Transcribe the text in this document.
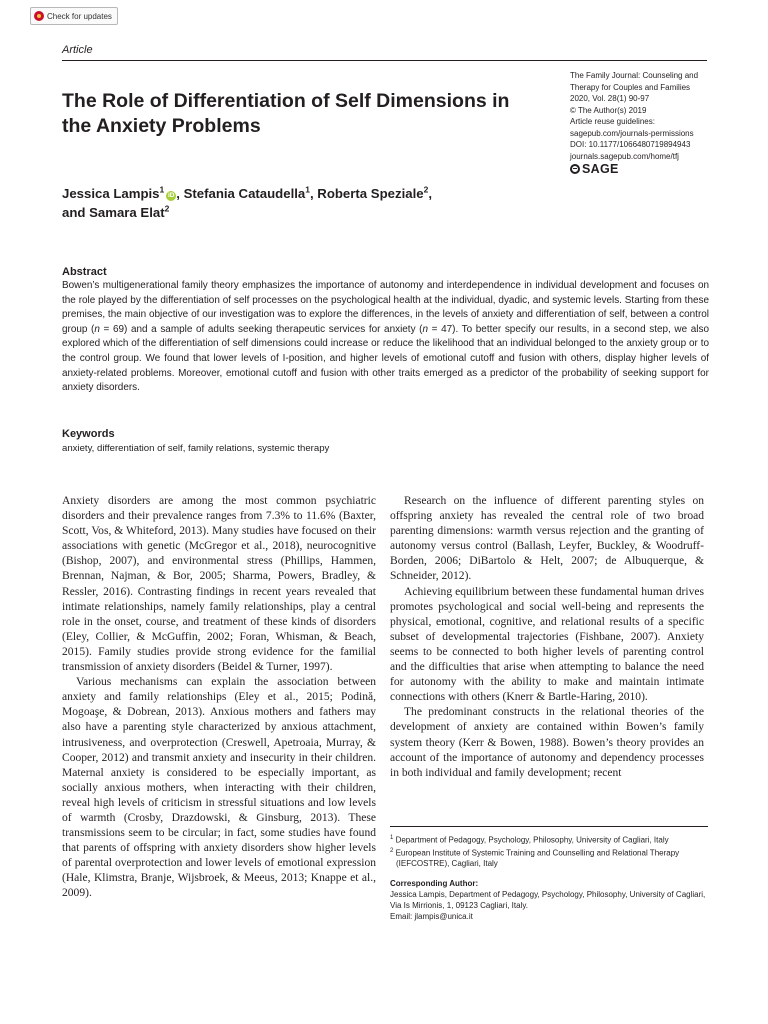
Check for updates
Article
The Role of Differentiation of Self Dimensions in the Anxiety Problems
The Family Journal: Counseling and
Therapy for Couples and Families
2020, Vol. 28(1) 90-97
© The Author(s) 2019
Article reuse guidelines:
sagepub.com/journals-permissions
DOI: 10.1177/1066480719894943
journals.sagepub.com/home/tfj
SAGE
Jessica Lampis$^1$iD , Stefania Cataudella$^1$, Roberta Speziale$^2$,
and Samara Elat$^2$
Abstract

Bowen’s multigenerational family theory emphasizes the importance of autonomy and interdependence in individual development and focuses on the role played by the differentiation of self processes on the psychological health at the individual, dyadic, and systemic levels. Starting from these premises, the main objective of our investigation was to explore the differences, in the levels of anxiety and differentiation of self, between a control group (n = 69) and a sample of adults seeking therapeutic services for anxiety (n = 47). To better specify our results, in a second step, we also explored which of the differentiation of self dimensions could increase or reduce the likelihood that an individual belonged to the anxiety group or to the control group. We found that lower levels of I-position, and higher levels of emotional cutoff and fusion with others, display higher levels of anxiety-related problems. Moreover, emotional cutoff and fusion with other traits emerged as a predictor of the probability of seeking support for anxiety disorders.

Keywords

anxiety, differentiation of self, family relations, systemic therapy

Anxiety disorders are among the most common psychiatric disorders and their prevalence ranges from 7.3% to 11.6% (Baxter, Scott, Vos, & Whiteford, 2013). Many studies have focused on their associations with genetic (McGregor et al., 2018), neurocognitive (Bishop, 2007), and environmental stress (Phillips, Hammen, Brennan, Najman, & Bor, 2005; Sharma, Powers, Bradley, & Ressler, 2016). Contrasting findings in recent years revealed that intimate relationships, namely family relationships, play a central role in the onset, course, and treatment of these kinds of disorders (Eley, Collier, & McGuffin, 2002; Foran, Whisman, & Beach, 2015). Family studies provide strong evidence for the familial transmission of anxiety disorders (Beidel & Turner, 1997).

Various mechanisms can explain the association between anxiety and family relationships (Eley et al., 2015; Podină, Mogoaşe, & Dobrean, 2013). Anxious mothers and fathers may also have a parenting style characterized by anxious attachment, intrusiveness, and overprotection (Creswell, Apetroaia, Murray, & Cooper, 2012) and transmit anxiety and insecurity in their children. Maternal anxiety is considered to be especially important, as socially anxious mothers, when interacting with their children, reveal high levels of criticism in stressful situations and low levels of warmth (Crosby, Drazdowski, & Ginsburg, 2013). These transmissions seem to be circular; in fact, some studies have found that parents of offspring with anxiety disorders show higher levels of parental overprotection and lower levels of emotional expression (Hale, Klimstra, Branje, Wijsbroek, & Meeus, 2013; Knappe et al., 2009).

Research on the influence of different parenting styles on offspring anxiety has revealed the central role of two broad parenting dimensions: warmth versus rejection and the granting of autonomy versus control (Ballash, Leyfer, Buckley, & Woodruff-Borden, 2006; DiBartolo & Helt, 2007; de Albuquerque, & Schneider, 2012).

Achieving equilibrium between these fundamental human drives promotes psychological and social well-being and represents the physical, emotional, cognitive, and relational results of a specific subset of developmental trajectories (Fishbane, 2007). Anxiety seems to be connected to both higher levels of parenting control and the difficulties that arise when attempting to balance the need for autonomy with the ability to make and maintain intimate connections with others (Knerr & Bartle-Haring, 2010).

The predominant constructs in the relational theories of the development of anxiety are contained within Bowen’s family system theory (Kerr & Bowen, 1988). Bowen’s theory provides an account of the importance of autonomy and dependency processes in both individual and family development; recent

$^1$ Department of Pedagogy, Psychology, Philosophy, University of Cagliari, Italy

$^2$ European Institute of Systemic Training and Counselling and Relational Therapy (IEFCOSTRE), Cagliari, Italy

Corresponding Author:

Jessica Lampis, Department of Pedagogy, Psychology, Philosophy, University of Cagliari, Via Is Mirrionis, 1, 09123 Cagliari, Italy.

Email: jlampis@unica.it
